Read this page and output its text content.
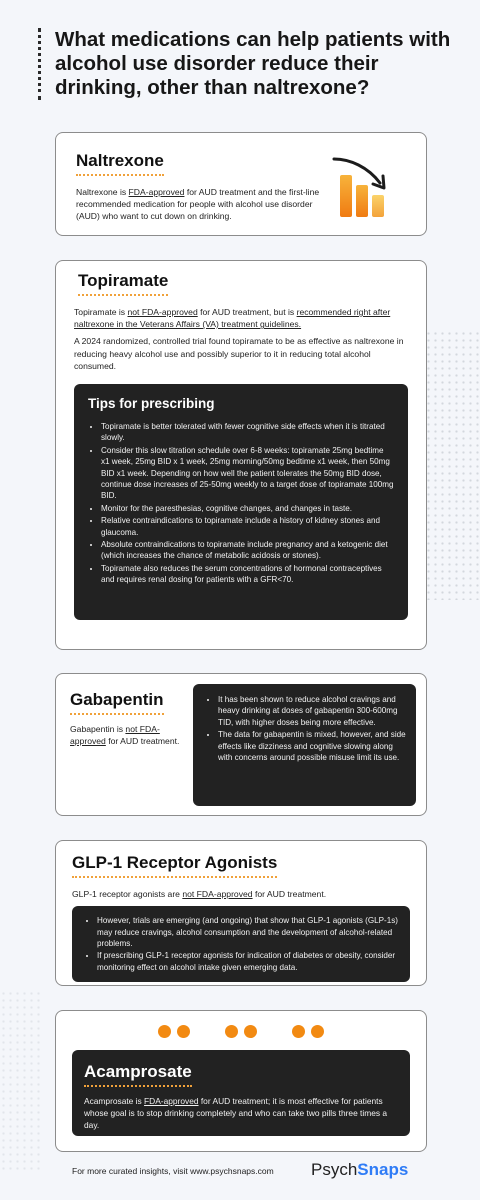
What medications can help patients with alcohol use disorder reduce their drinking, other than naltrexone?
Naltrexone

Naltrexone is FDA-approved for AUD treatment and the first-line recommended medication for people with alcohol use disorder (AUD) who want to cut down on drinking.

Topiramate

Topiramate is not FDA-approved for AUD treatment, but is recommended right after naltrexone in the Veterans Affairs (VA) treatment guidelines.

A 2024 randomized, controlled trial found topiramate to be as effective as naltrexone in reducing heavy alcohol use and possibly superior to it in reducing total alcohol consumed.

Tips for prescribing
• Topiramate is better tolerated with fewer cognitive side effects when it is titrated slowly.
• Consider this slow titration schedule over 6-8 weeks: topiramate 25mg bedtime x1 week, 25mg BID x 1 week, 25mg morning/50mg bedtime x1 week, then 50mg BID x1 week. Depending on how well the patient tolerates the 50mg BID dose, continue dose increases of 25-50mg weekly to a target dose of topiramate 100mg BID.
• Monitor for the paresthesias, cognitive changes, and changes in taste.
• Relative contraindications to topiramate include a history of kidney stones and glaucoma.
• Absolute contraindications to topiramate include pregnancy and a ketogenic diet (which increases the chance of metabolic acidosis or stones).
• Topiramate also reduces the serum concentrations of hormonal contraceptives and requires renal dosing for patients with a GFR<70.
Gabapentin

Gabapentin is not FDA-approved for AUD treatment.

• It has been shown to reduce alcohol cravings and heavy drinking at doses of gabapentin 300-600mg TID, with higher doses being more effective.
• The data for gabapentin is mixed, however, and side effects like dizziness and cognitive slowing along with concerns around possible misuse limit its use.
GLP-1 Receptor Agonists

GLP-1 receptor agonists are not FDA-approved for AUD treatment.

• However, trials are emerging (and ongoing) that show that GLP-1 agonists (GLP-1s) may reduce cravings, alcohol consumption and the development of alcohol-related problems.
• If prescribing GLP-1 receptor agonists for indication of diabetes or obesity, consider monitoring effect on alcohol intake given emerging data.
Acamprosate

Acamprosate is FDA-approved for AUD treatment; it is most effective for patients whose goal is to stop drinking completely and who can take two pills three times a day.

For more curated insights, visit www.psychsnaps.com PsychSnaps
